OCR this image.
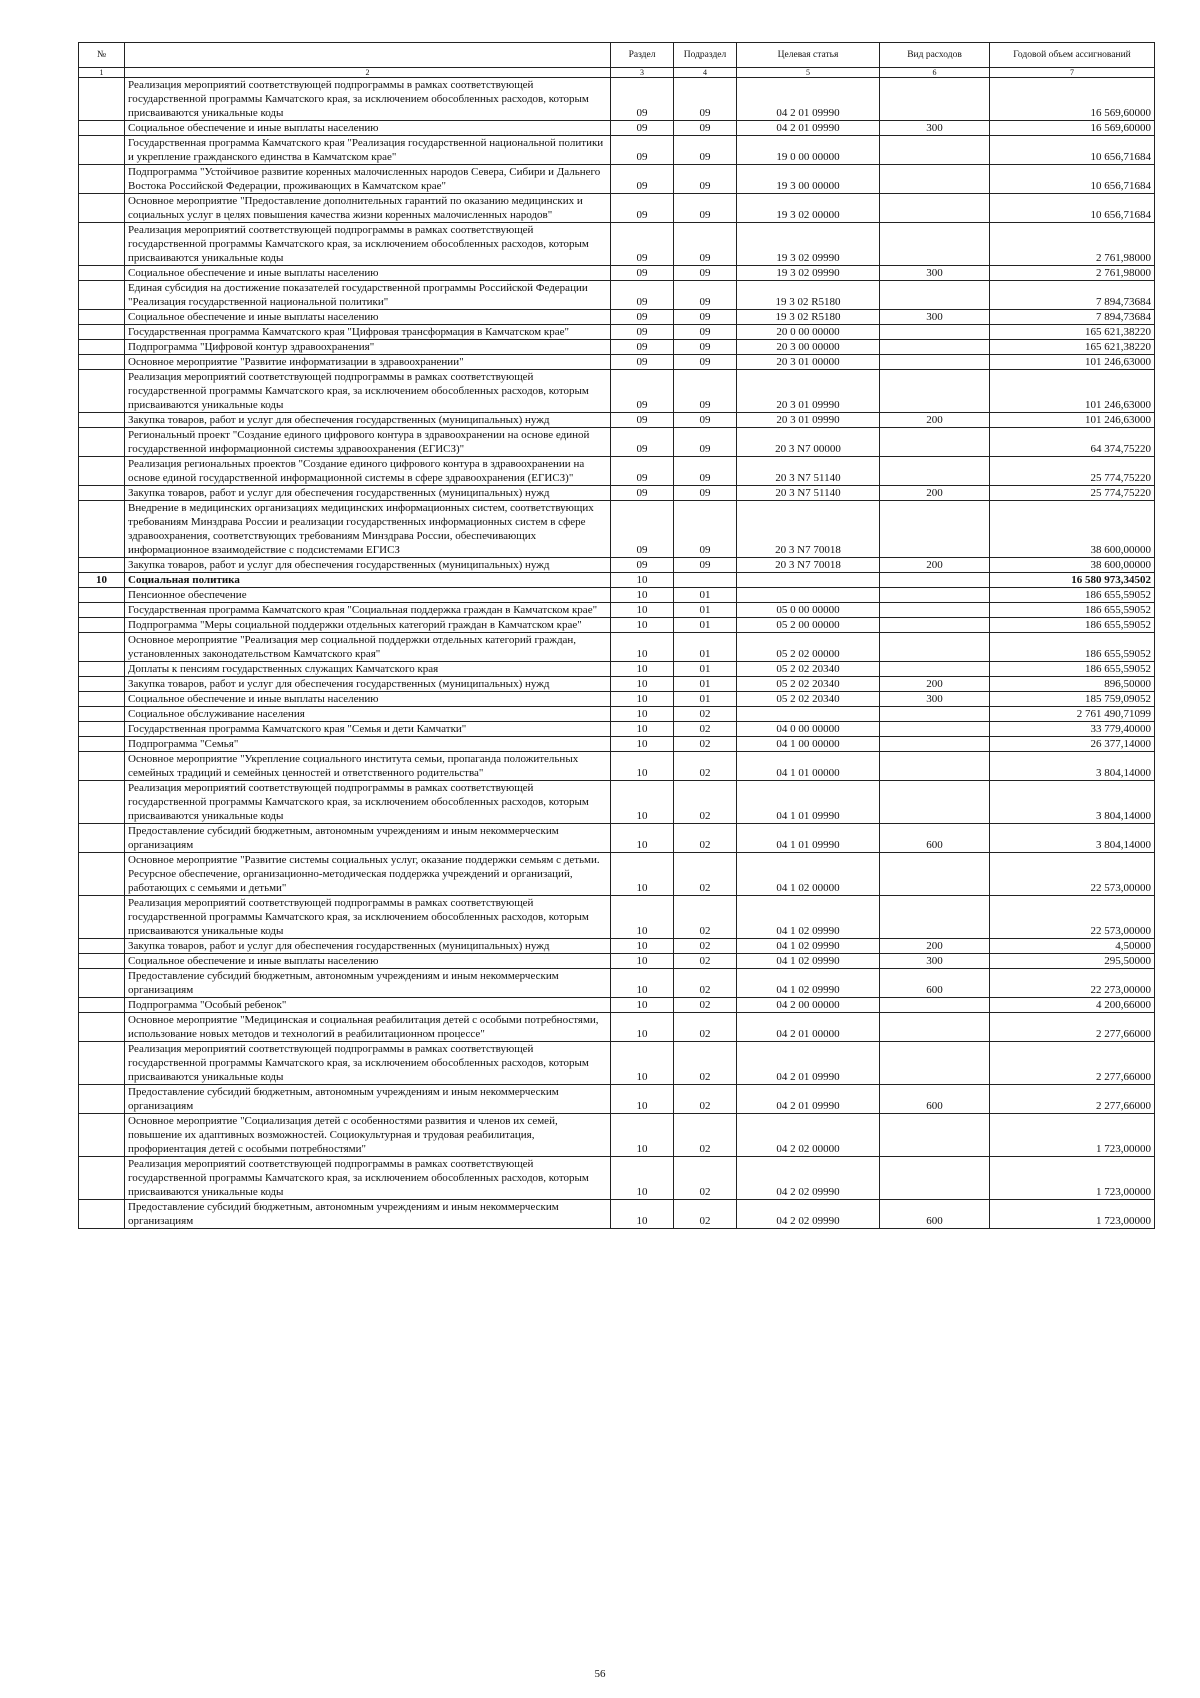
№		Раздел	Подраздел	Целевая статья	Вид расходов	Годовой объем ассигнований
1	2	3	4	5	6	7
	Реализация мероприятий соответствующей подпрограммы в рамках соответствующей государственной программы Камчатского края, за исключением обособленных расходов, которым присваиваются уникальные коды	09	09	04 2 01 09990		16 569,60000
	Социальное обеспечение и иные выплаты населению	09	09	04 2 01 09990	300	16 569,60000
	Государственная программа Камчатского края "Реализация государственной национальной политики и укрепление гражданского единства в Камчатском крае"	09	09	19 0 00 00000		10 656,71684
	Подпрограмма "Устойчивое развитие коренных малочисленных народов Севера, Сибири и Дальнего Востока Российской Федерации, проживающих в Камчатском крае"	09	09	19 3 00 00000		10 656,71684
	Основное мероприятие "Предоставление дополнительных гарантий по оказанию медицинских и социальных услуг в целях повышения качества жизни коренных малочисленных народов"	09	09	19 3 02 00000		10 656,71684
	Реализация мероприятий соответствующей подпрограммы в рамках соответствующей государственной программы Камчатского края, за исключением обособленных расходов, которым присваиваются уникальные коды	09	09	19 3 02 09990		2 761,98000
	Социальное обеспечение и иные выплаты населению	09	09	19 3 02 09990	300	2 761,98000
	Единая субсидия на достижение показателей государственной программы Российской Федерации "Реализация государственной национальной политики"	09	09	19 3 02 R5180		7 894,73684
	Социальное обеспечение и иные выплаты населению	09	09	19 3 02 R5180	300	7 894,73684
	Государственная программа Камчатского края "Цифровая трансформация в Камчатском крае"	09	09	20 0 00 00000		165 621,38220
	Подпрограмма "Цифровой контур здравоохранения"	09	09	20 3 00 00000		165 621,38220
	Основное мероприятие "Развитие информатизации в здравоохранении"	09	09	20 3 01 00000		101 246,63000
	Реализация мероприятий соответствующей подпрограммы в рамках соответствующей государственной программы Камчатского края, за исключением обособленных расходов, которым присваиваются уникальные коды	09	09	20 3 01 09990		101 246,63000
	Закупка товаров, работ и услуг для обеспечения государственных (муниципальных) нужд	09	09	20 3 01 09990	200	101 246,63000
	Региональный проект "Создание единого цифрового контура в здравоохранении на основе единой государственной информационной системы здравоохранения (ЕГИСЗ)"	09	09	20 3 N7 00000		64 374,75220
	Реализация региональных проектов "Создание единого цифрового контура в здравоохранении на основе единой государственной информационной системы в сфере здравоохранения (ЕГИСЗ)"	09	09	20 3 N7 51140		25 774,75220
	Закупка товаров, работ и услуг для обеспечения государственных (муниципальных) нужд	09	09	20 3 N7 51140	200	25 774,75220
	Внедрение в медицинских организациях медицинских информационных систем, соответствующих требованиям Минздрава России и реализации государственных информационных систем в сфере здравоохранения, соответствующих требованиям Минздрава России, обеспечивающих информационное взаимодействие с подсистемами ЕГИСЗ	09	09	20 3 N7 70018		38 600,00000
	Закупка товаров, работ и услуг для обеспечения государственных (муниципальных) нужд	09	09	20 3 N7 70018	200	38 600,00000
10	Социальная политика	10				16 580 973,34502
	Пенсионное обеспечение	10	01			186 655,59052
	Государственная программа Камчатского края "Социальная поддержка граждан в Камчатском крае"	10	01	05 0 00 00000		186 655,59052
	Подпрограмма "Меры социальной поддержки отдельных категорий граждан в Камчатском крае"	10	01	05 2 00 00000		186 655,59052
	Основное мероприятие "Реализация мер социальной поддержки отдельных категорий граждан, установленных законодательством Камчатского края"	10	01	05 2 02 00000		186 655,59052
	Доплаты к пенсиям государственных служащих Камчатского края	10	01	05 2 02 20340		186 655,59052
	Закупка товаров, работ и услуг для обеспечения государственных (муниципальных) нужд	10	01	05 2 02 20340	200	896,50000
	Социальное обеспечение и иные выплаты населению	10	01	05 2 02 20340	300	185 759,09052
	Социальное обслуживание населения	10	02			2 761 490,71099
	Государственная программа Камчатского края "Семья и дети Камчатки"	10	02	04 0 00 00000		33 779,40000
	Подпрограмма "Семья"	10	02	04 1 00 00000		26 377,14000
	Основное мероприятие "Укрепление социального института семьи, пропаганда положительных семейных традиций и семейных ценностей и ответственного родительства"	10	02	04 1 01 00000		3 804,14000
	Реализация мероприятий соответствующей подпрограммы в рамках соответствующей государственной программы Камчатского края, за исключением обособленных расходов, которым присваиваются уникальные коды	10	02	04 1 01 09990		3 804,14000
	Предоставление субсидий бюджетным, автономным учреждениям и иным некоммерческим организациям	10	02	04 1 01 09990	600	3 804,14000
	Основное мероприятие "Развитие системы социальных услуг, оказание поддержки семьям с детьми. Ресурсное обеспечение, организационно-методическая поддержка учреждений и организаций, работающих с семьями и детьми"	10	02	04 1 02 00000		22 573,00000
	Реализация мероприятий соответствующей подпрограммы в рамках соответствующей государственной программы Камчатского края, за исключением обособленных расходов, которым присваиваются уникальные коды	10	02	04 1 02 09990		22 573,00000
	Закупка товаров, работ и услуг для обеспечения государственных (муниципальных) нужд	10	02	04 1 02 09990	200	4,50000
	Социальное обеспечение и иные выплаты населению	10	02	04 1 02 09990	300	295,50000
	Предоставление субсидий бюджетным, автономным учреждениям и иным некоммерческим организациям	10	02	04 1 02 09990	600	22 273,00000
	Подпрограмма "Особый ребенок"	10	02	04 2 00 00000		4 200,66000
	Основное мероприятие "Медицинская и социальная реабилитация детей с особыми потребностями, использование новых методов и технологий в реабилитационном процессе"	10	02	04 2 01 00000		2 277,66000
	Реализация мероприятий соответствующей подпрограммы в рамках соответствующей государственной программы Камчатского края, за исключением обособленных расходов, которым присваиваются уникальные коды	10	02	04 2 01 09990		2 277,66000
	Предоставление субсидий бюджетным, автономным учреждениям и иным некоммерческим организациям	10	02	04 2 01 09990	600	2 277,66000
	Основное мероприятие "Социализация детей с особенностями развития и членов их семей, повышение их адаптивных возможностей. Социокультурная и трудовая реабилитация, профориентация детей с особыми потребностями"	10	02	04 2 02 00000		1 723,00000
	Реализация мероприятий соответствующей подпрограммы в рамках соответствующей государственной программы Камчатского края, за исключением обособленных расходов, которым присваиваются уникальные коды	10	02	04 2 02 09990		1 723,00000
	Предоставление субсидий бюджетным, автономным учреждениям и иным некоммерческим организациям	10	02	04 2 02 09990	600	1 723,00000
56
